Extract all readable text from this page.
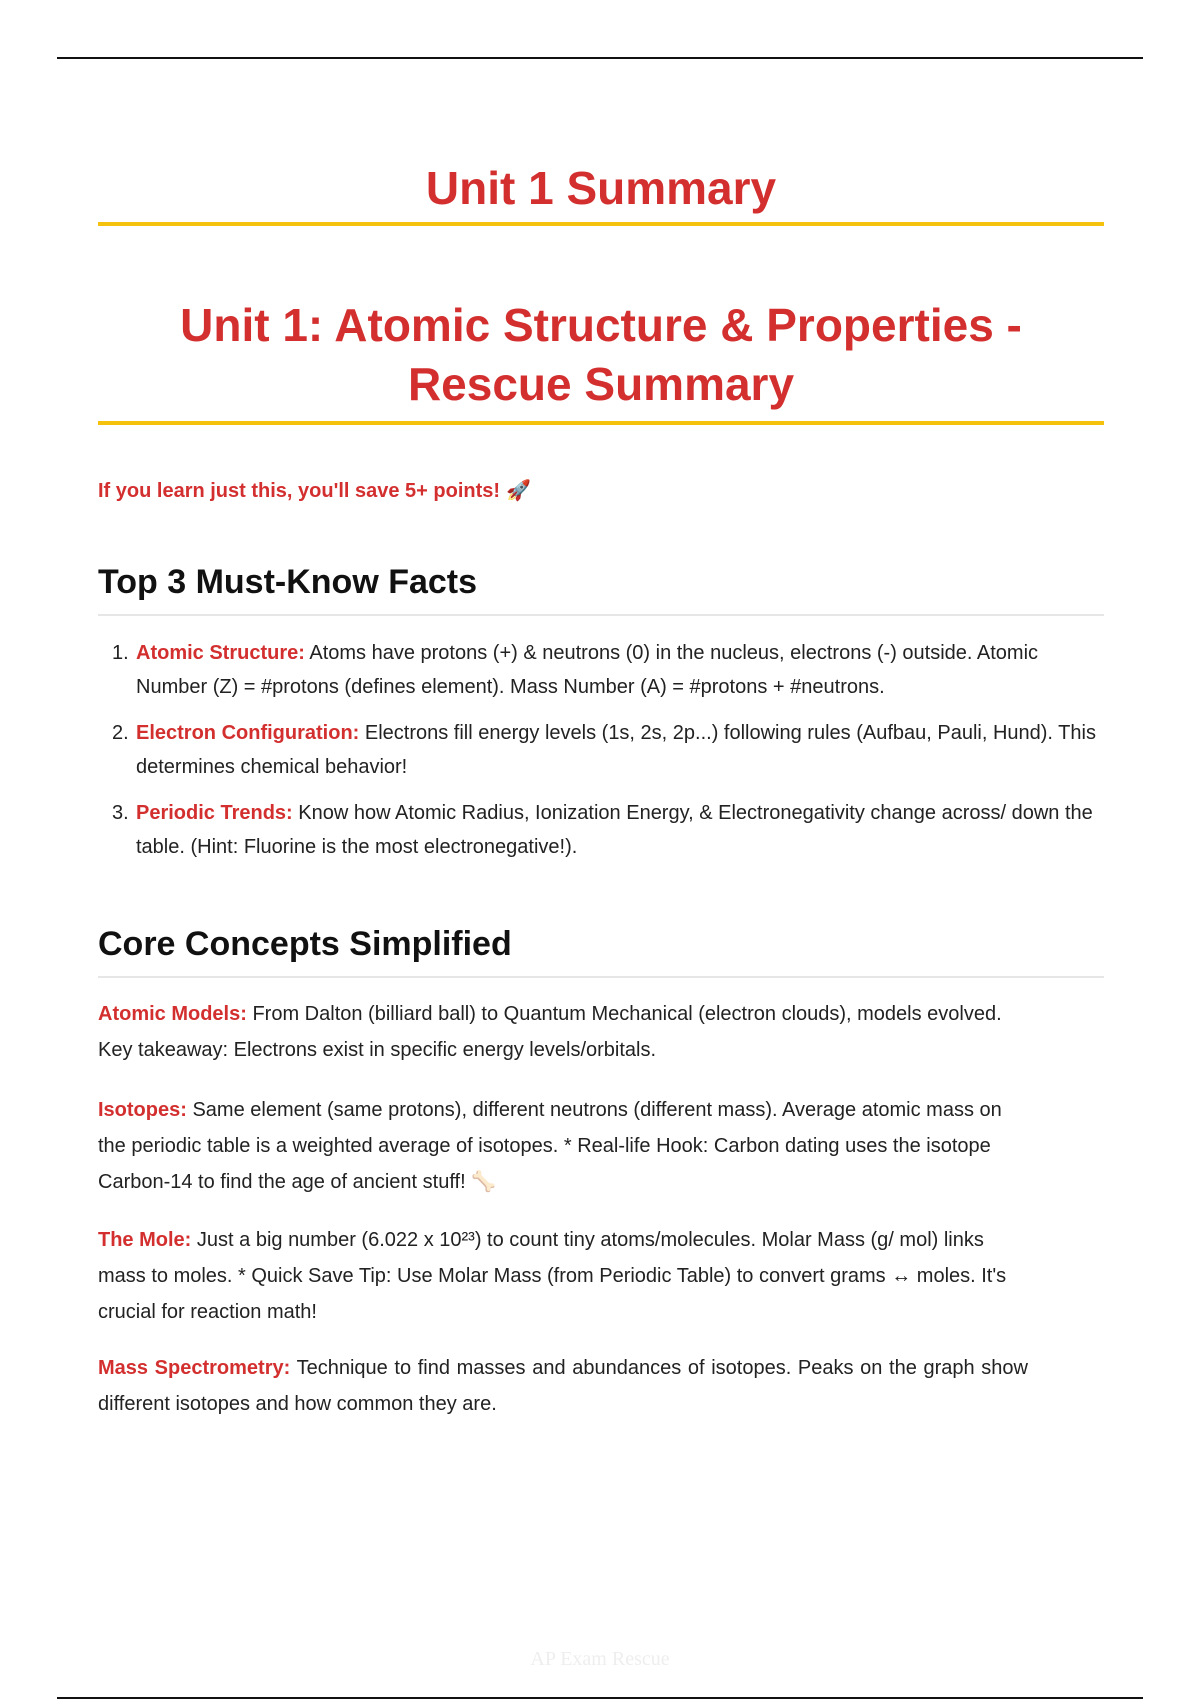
Unit 1 Summary
Unit 1: Atomic Structure & Properties - Rescue Summary
If you learn just this, you'll save 5+ points! 🚀
Top 3 Must-Know Facts
1. Atomic Structure: Atoms have protons (+) & neutrons (0) in the nucleus, electrons (-) outside. Atomic Number (Z) = #protons (defines element). Mass Number (A) = #protons + #neutrons.
2. Electron Configuration: Electrons fill energy levels (1s, 2s, 2p...) following rules (Aufbau, Pauli, Hund). This determines chemical behavior!
3. Periodic Trends: Know how Atomic Radius, Ionization Energy, & Electronegativity change across/ down the table. (Hint: Fluorine is the most electronegative!).
Core Concepts Simplified

Atomic Models: From Dalton (billiard ball) to Quantum Mechanical (electron clouds), models evolved. Key takeaway: Electrons exist in specific energy levels/orbitals.

Isotopes: Same element (same protons), different neutrons (different mass). Average atomic mass on the periodic table is a weighted average of isotopes. * Real-life Hook: Carbon dating uses the isotope Carbon-14 to find the age of ancient stuff! 🦴

The Mole: Just a big number (6.022 x 10²³) to count tiny atoms/molecules. Molar Mass (g/ mol) links mass to moles. * Quick Save Tip: Use Molar Mass (from Periodic Table) to convert grams ↔ moles. It's crucial for reaction math!

Mass Spectrometry: Technique to find masses and abundances of isotopes. Peaks on the graph show different isotopes and how common they are.

AP Exam Rescue
